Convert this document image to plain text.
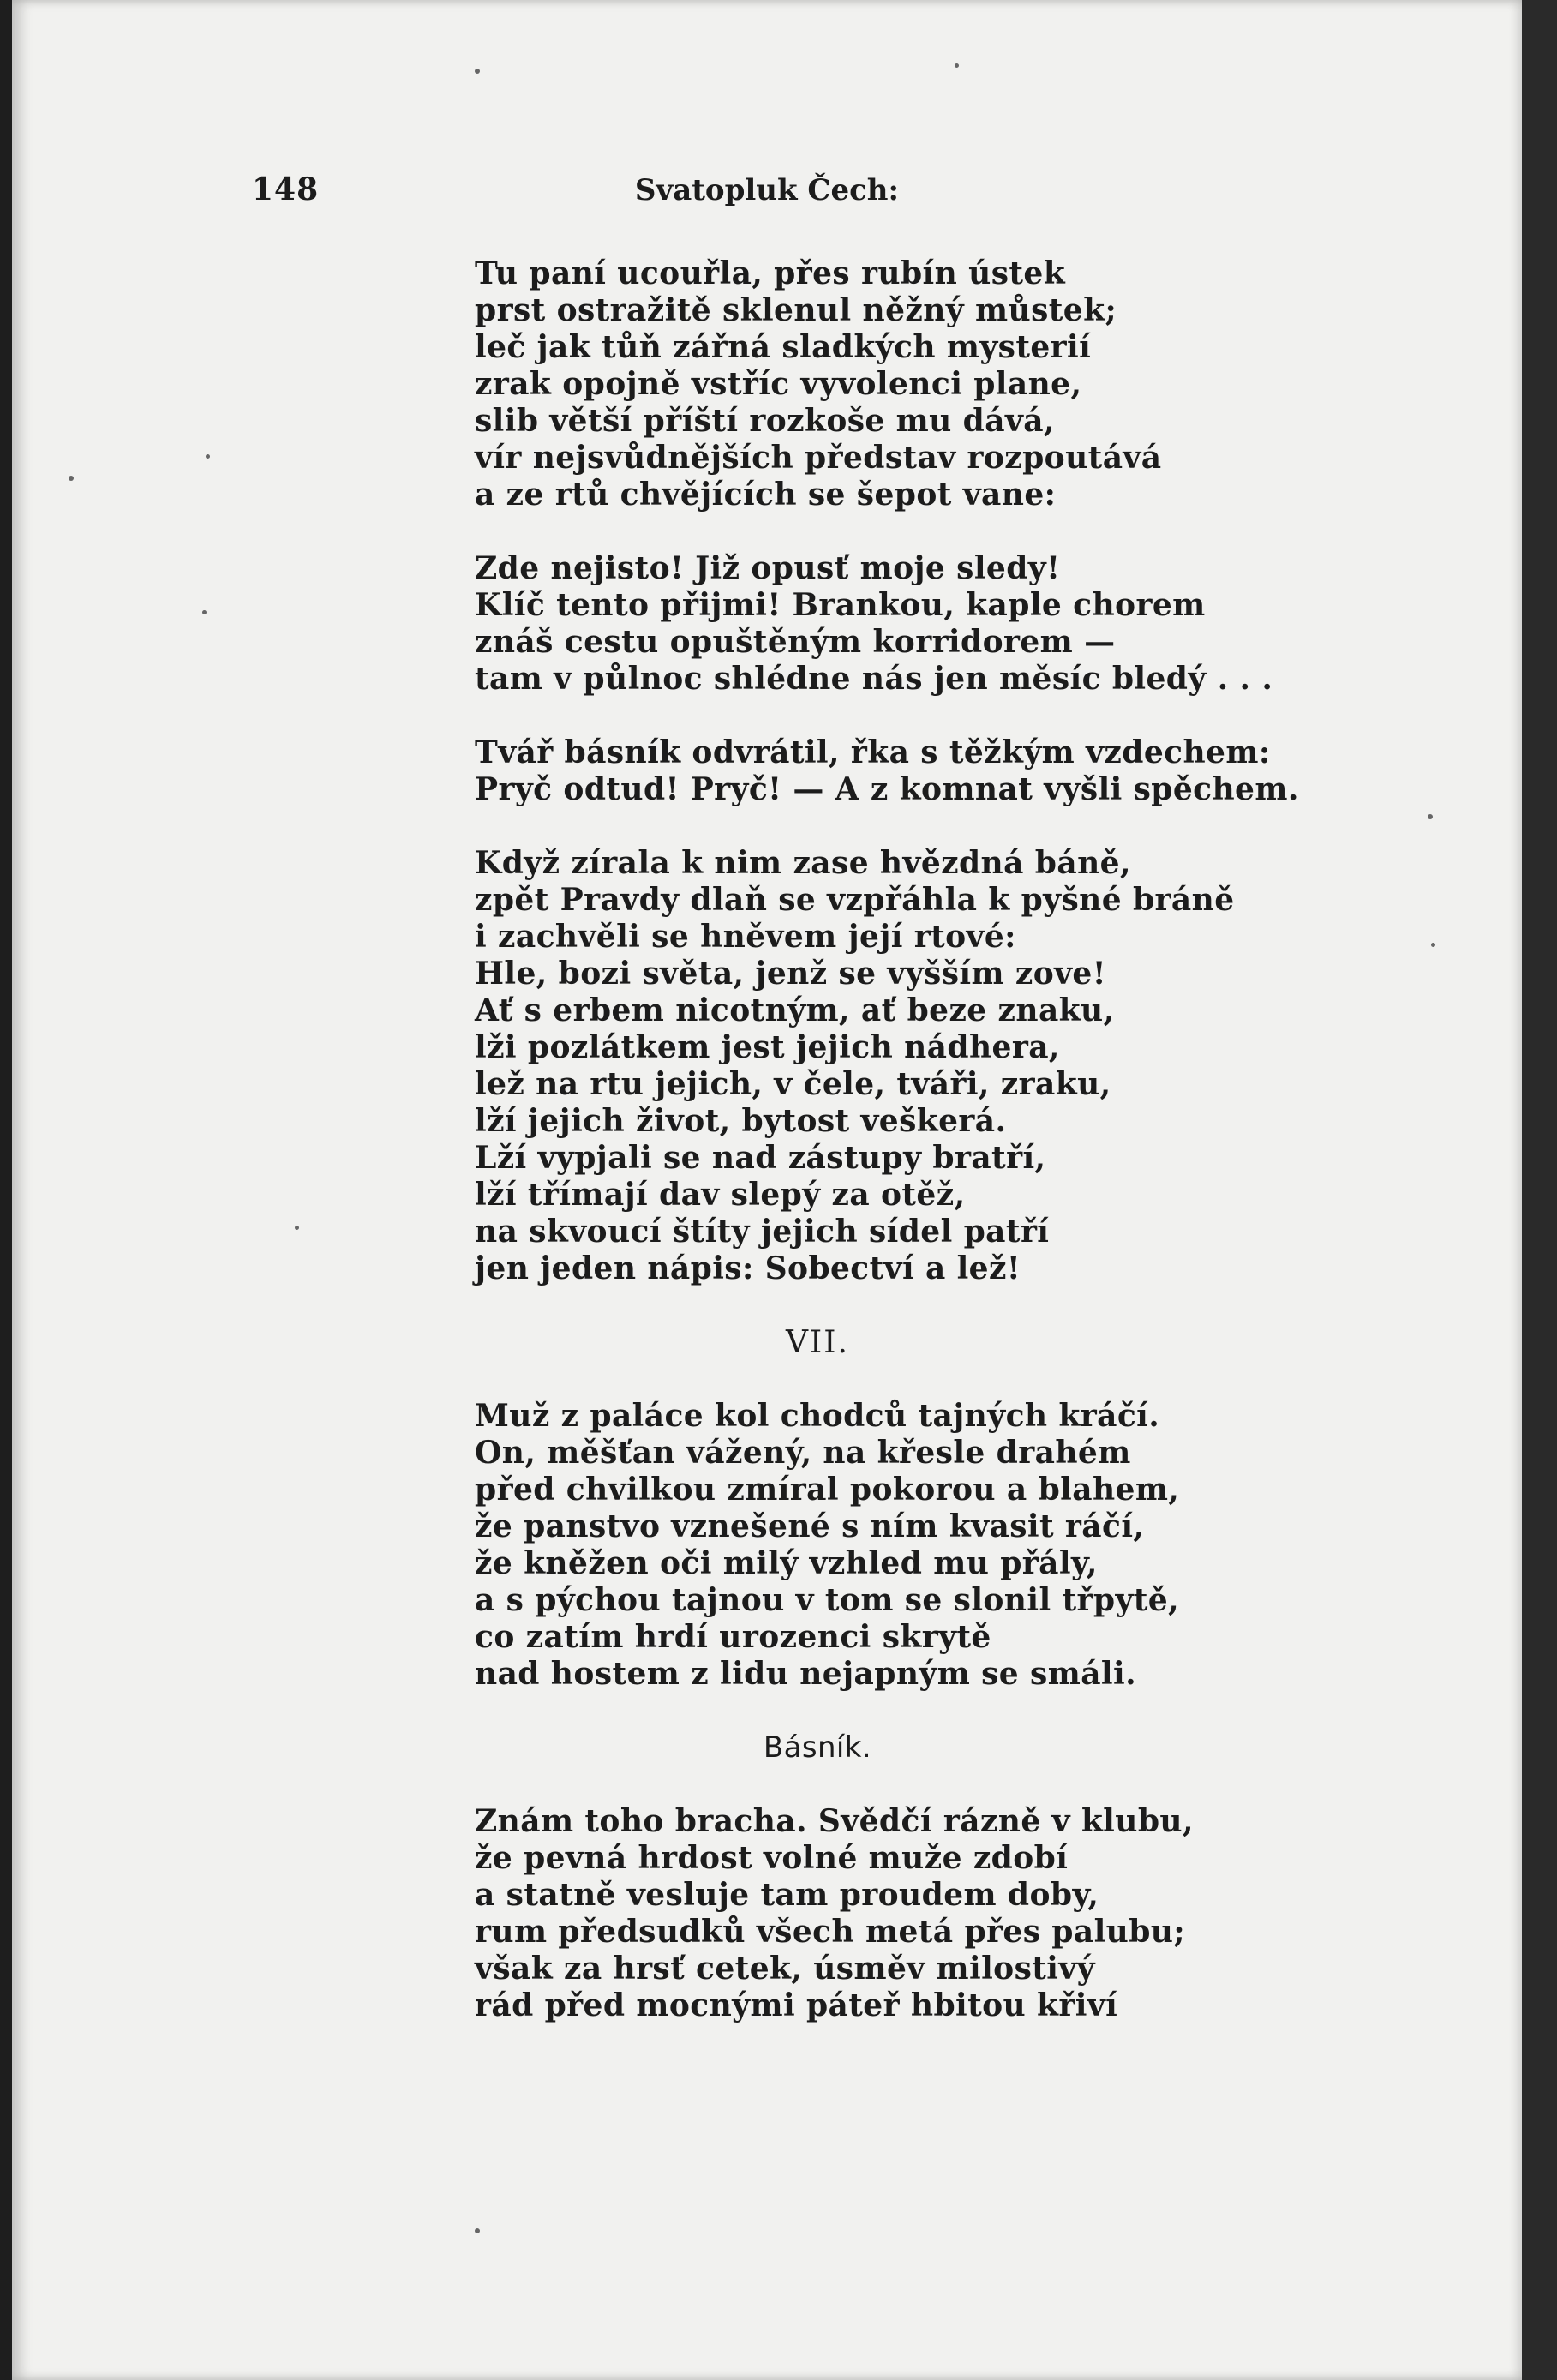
148	Svatopluk Čech:
Tu paní ucouřla, přes rubín ústek
prst ostražitě sklenul něžný můstek;
leč jak tůň zářná sladkých mysterií
zrak opojně vstříc vyvolenci plane,
slib větší příští rozkoše mu dává,
vír nejsvůdnějších představ rozpoutává
a ze rtů chvějících se šepot vane:
Zde nejisto! Již opusť moje sledy!
Klíč tento přijmi! Brankou, kaple chorem
znáš cestu opuštěným korridorem —
tam v půlnoc shlédne nás jen měsíc bledý . . .
Tvář básník odvrátil, řka s těžkým vzdechem:
Pryč odtud! Pryč! — A z komnat vyšli spěchem.
Když zírala k nim zase hvězdná báně,
zpět Pravdy dlaň se vzpřáhla k pyšné bráně
i zachvěli se hněvem její rtové:
Hle, bozi světa, jenž se vyšším zove!
Ať s erbem nicotným, ať beze znaku,
lži pozlátkem jest jejich nádhera,
lež na rtu jejich, v čele, tváři, zraku,
lží jejich život, bytost veškerá.
Lží vypjali se nad zástupy bratří,
lží třímají dav slepý za otěž,
na skvoucí štíty jejich sídel patří
jen jeden nápis: Sobectví a lež!
VII.
Muž z paláce kol chodců tajných kráčí.
On, měšťan vážený, na křesle drahém
před chvilkou zmíral pokorou a blahem,
že panstvo vznešené s ním kvasit ráčí,
že kněžen oči milý vzhled mu přály,
a s pýchou tajnou v tom se slonil třpytě,
co zatím hrdí urozenci skrytě
nad hostem z lidu nejapným se smáli.
Básník.
Znám toho bracha. Svědčí rázně v klubu,
že pevná hrdost volné muže zdobí
a statně vesluje tam proudem doby,
rum předsudků všech metá přes palubu;
však za hrsť cetek, úsměv milostivý
rád před mocnými páteř hbitou křiví
